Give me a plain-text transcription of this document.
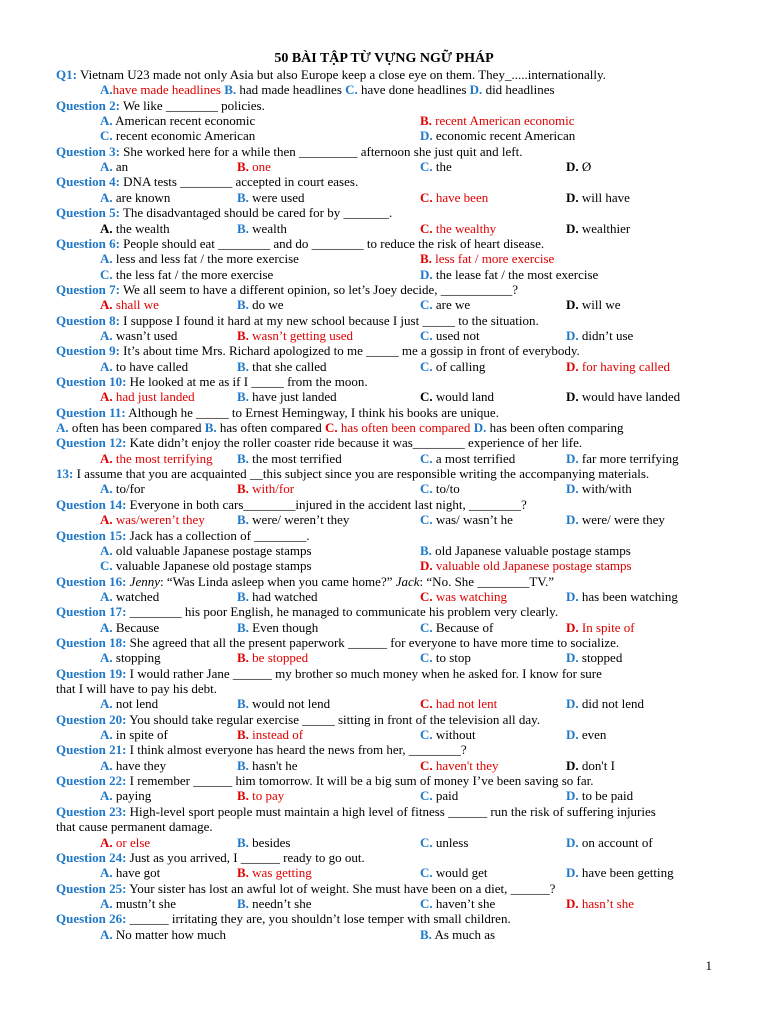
50 BÀI TẬP TỪ VỰNG NGỮ PHÁP
Q1: Vietnam U23 made not only Asia but also Europe keep a close eye on them. They_.....internationally.
A.have made headlines B. had made headlines C. have done headlines D. did headlines
Question 2: We like ________ policies.
A. American recent economic	B. recent American economic
C. recent economic American	D. economic recent American
Question 3: She worked here for a while then _________ afternoon she just quit and left.
A. an	B. one	C. the	D. Ø
Question 4: DNA tests ________ accepted in court eases.
A. are known	B. were used	C. have been	D. will have
Question 5: The disadvantaged should be cared for by _______.
A. the wealth	B. wealth	C. the wealthy	D. wealthier
Question 6: People should eat ________ and do ________ to reduce the risk of heart disease.
A. less and less fat / the more exercise	B. less fat / more exercise
C. the less fat / the more exercise	D. the lease fat / the most exercise
Question 7: We all seem to have a different opinion, so let’s Joey decide, ___________?
A. shall we	B. do we	C. are we	D. will we
Question 8: I suppose I found it hard at my new school because I just _____ to the situation.
A. wasn’t used	B. wasn’t getting used	C. used not	D. didn’t use
Question 9: It’s about time Mrs. Richard apologized to me _____ me a gossip in front of everybody.
A. to have called	B. that she called	C. of calling	D. for having called
Question 10: He looked at me as if I _____ from the moon.
A. had just landed	B. have just landed	C. would land	D. would have landed
Question 11: Although he _____ to Ernest Hemingway, I think his books are unique.
A. often has been compared B. has often compared C. has often been compared D. has been often comparing
Question 12: Kate didn’t enjoy the roller coaster ride because it was________ experience of her life.
A. the most terrifying B. the most terrified	C. a most terrified	D. far more terrifying
13: I assume that you are acquainted __this subject since you are responsible writing the accompanying materials.
A. to/for	B. with/for	C. to/to	D. with/with
Question 14: Everyone in both cars________injured in the accident last night, ________?
A. was/weren’t they B. were/ weren’t they	C. was/ wasn’t he	D. were/ were they
Question 15: Jack has a collection of ________.
A. old valuable Japanese postage stamps	B. old Japanese valuable postage stamps
C. valuable Japanese old postage stamps	D. valuable old Japanese postage stamps
Question 16: Jenny: “Was Linda asleep when you came home?” Jack: “No. She ________TV.”
A. watched	B. had watched	C. was watching	D. has been watching
Question 17: ________ his poor English, he managed to communicate his problem very clearly.
A. Because	B. Even though	C. Because of	D. In spite of
Question 18: She agreed that all the present paperwork ______ for everyone to have more time to socialize.
A. stopping	B. be stopped	C. to stop	D. stopped
Question 19: I would rather Jane ______ my brother so much money when he asked for. I know for sure
that I will have to pay his debt.
A. not lend	B. would not lend	C. had not lent	D. did not lend
Question 20: You should take regular exercise _____ sitting in front of the television all day.
A. in spite of	B. instead of	C. without	D. even
Question 21: I think almost everyone has heard the news from her, ________?
A. have they	B. hasn't he	C. haven't they	D. don't I
Question 22: I remember ______ him tomorrow. It will be a big sum of money I’ve been saving so far.
A. paying	B. to pay	C. paid	D. to be paid
Question 23: High-level sport people must maintain a high level of fitness ______ run the risk of suffering injuries
that cause permanent damage.
A. or else	B. besides	C. unless	D. on account of
Question 24: Just as you arrived, I ______ ready to go out.
A. have got	B. was getting	C. would get	D. have been getting
Question 25: Your sister has lost an awful lot of weight. She must have been on a diet, ______?
A. mustn’t she	B. needn’t she	C. haven’t she	D. hasn’t she
Question 26: ______ irritating they are, you shouldn’t lose temper with small children.
A. No matter how much	B. As much as
1
